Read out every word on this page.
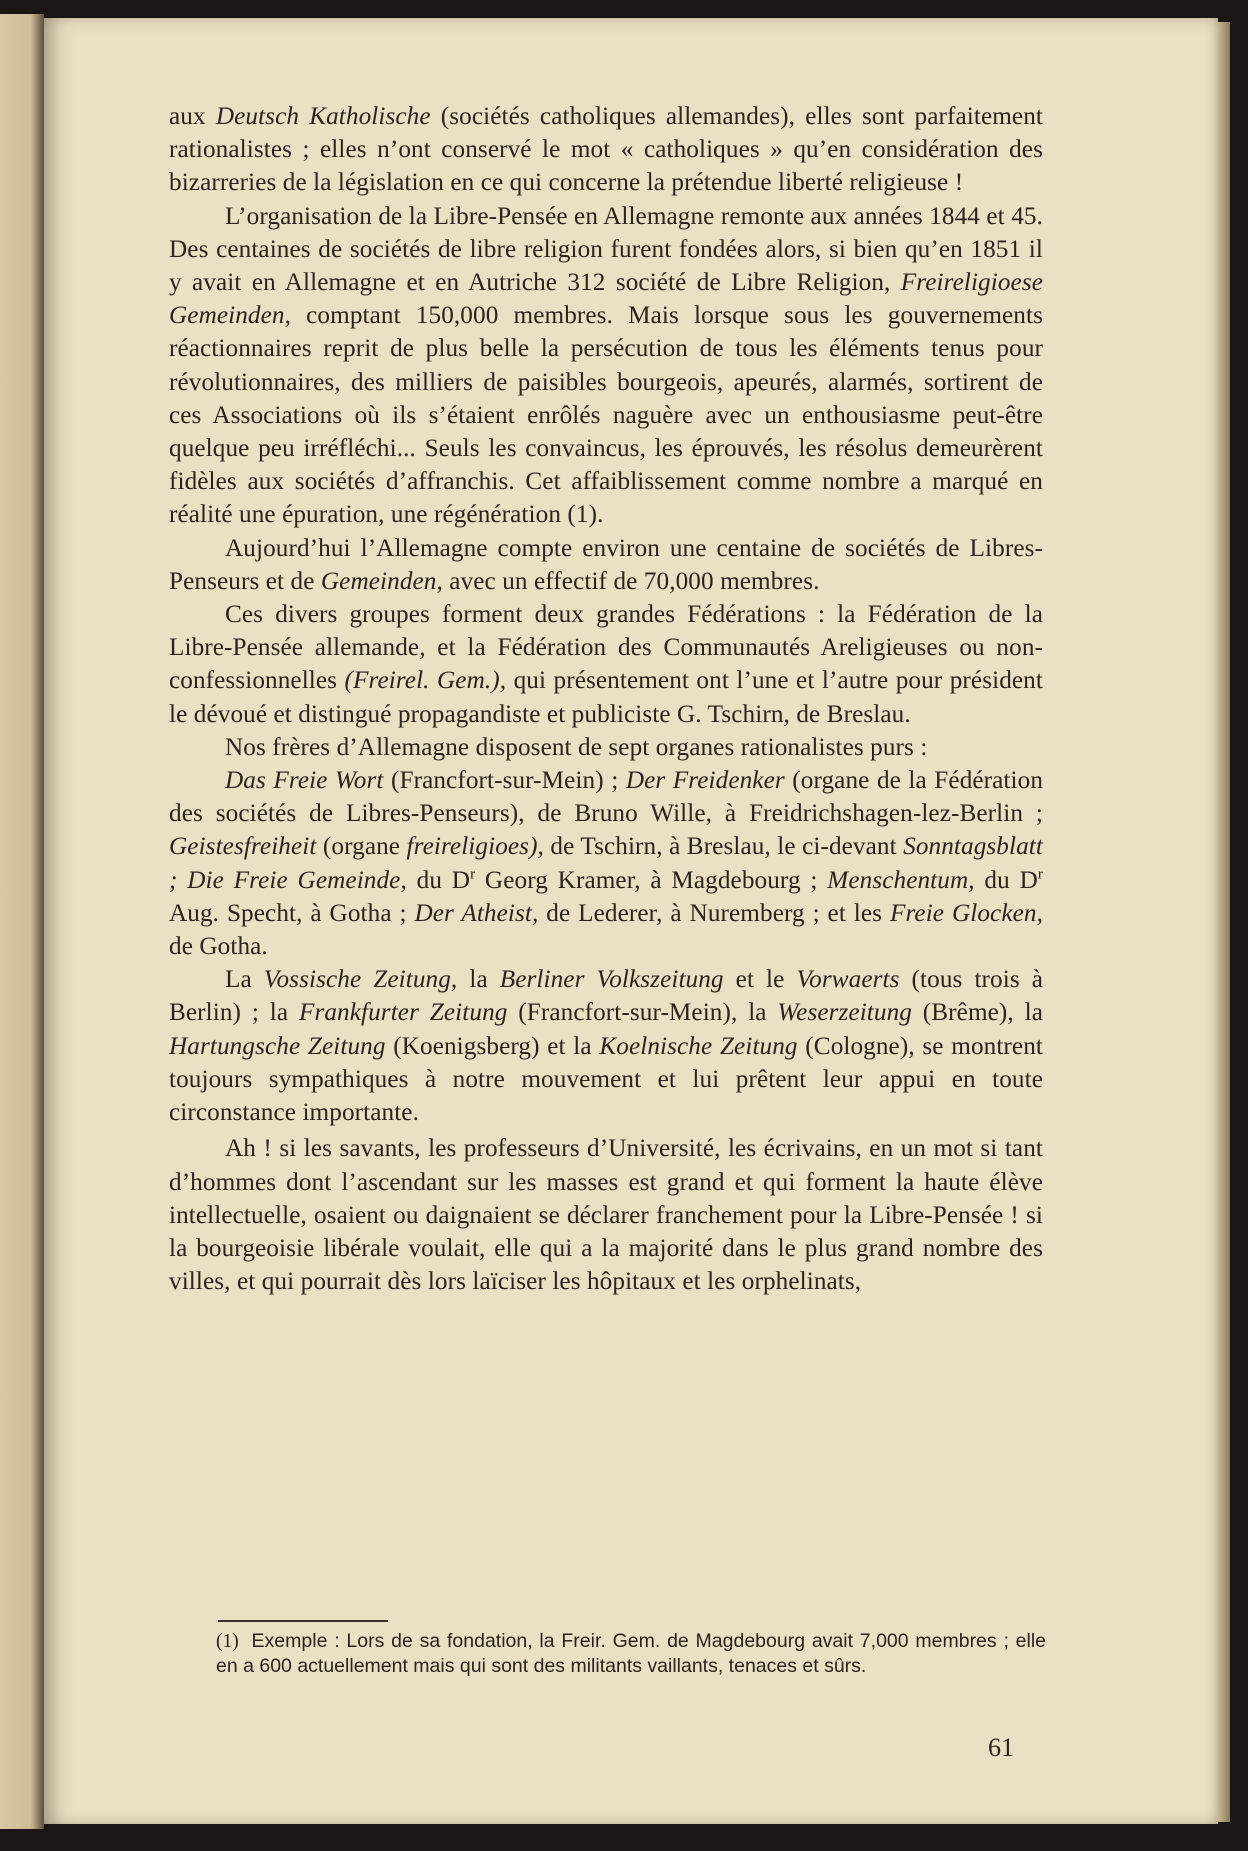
aux Deutsch Katholische (sociétés catholiques allemandes), elles sont parfaitement rationalistes ; elles n’ont conservé le mot « catholiques » qu’en considération des bizarreries de la législation en ce qui concerne la prétendue liberté religieuse !

L’organisation de la Libre-Pensée en Allemagne remonte aux années 1844 et 45. Des centaines de sociétés de libre religion furent fondées alors, si bien qu’en 1851 il y avait en Allemagne et en Autriche 312 société de Libre Religion, Freireligioese Gemeinden, comptant 150,000 membres. Mais lorsque sous les gouvernements réactionnaires reprit de plus belle la persécution de tous les éléments tenus pour révolutionnaires, des milliers de paisibles bourgeois, apeurés, alarmés, sortirent de ces Associations où ils s’étaient enrôlés naguère avec un enthousiasme peut-être quelque peu irréfléchi... Seuls les convaincus, les éprouvés, les résolus demeurèrent fidèles aux sociétés d’affranchis. Cet affaiblissement comme nombre a marqué en réalité une épuration, une régénération (1).

Aujourd’hui l’Allemagne compte environ une centaine de sociétés de Libres-Penseurs et de Gemeinden, avec un effectif de 70,000 membres.

Ces divers groupes forment deux grandes Fédérations : la Fédération de la Libre-Pensée allemande, et la Fédération des Communautés Areligieuses ou non-confessionnelles (Freirel. Gem.), qui présentement ont l’une et l’autre pour président le dévoué et distingué propagandiste et publiciste G. Tschirn, de Breslau.

Nos frères d’Allemagne disposent de sept organes rationalistes purs :

Das Freie Wort (Francfort-sur-Mein) ; Der Freidenker (organe de la Fédération des sociétés de Libres-Penseurs), de Bruno Wille, à Freidrichshagen-lez-Berlin ; Geistesfreiheit (organe freireligioes), de Tschirn, à Breslau, le ci-devant Sonntagsblatt ; Die Freie Gemeinde, du $D^r$ Georg Kramer, à Magdebourg ; Menschentum, du $D^r$ Aug. Specht, à Gotha ; Der Atheist, de Lederer, à Nuremberg ; et les Freie Glocken, de Gotha.

La Vossische Zeitung, la Berliner Volkszeitung et le Vorwaerts (tous trois à Berlin) ; la Frankfurter Zeitung (Francfort-sur-Mein), la Weserzeitung (Brême), la Hartungsche Zeitung (Koenigsberg) et la Koelnische Zeitung (Cologne), se montrent toujours sympathiques à notre mouvement et lui prêtent leur appui en toute circonstance importante.

Ah ! si les savants, les professeurs d’Université, les écrivains, en un mot si tant d’hommes dont l’ascendant sur les masses est grand et qui forment la haute élève intellectuelle, osaient ou daignaient se déclarer franchement pour la Libre-Pensée ! si la bourgeoisie libérale voulait, elle qui a la majorité dans le plus grand nombre des villes, et qui pourrait dès lors laïciser les hôpitaux et les orphelinats,

(1) Exemple : Lors de sa fondation, la Freir. Gem. de Magdebourg avait 7,000 membres ; elle en a 600 actuellement mais qui sont des militants vaillants, tenaces et sûrs.
61
